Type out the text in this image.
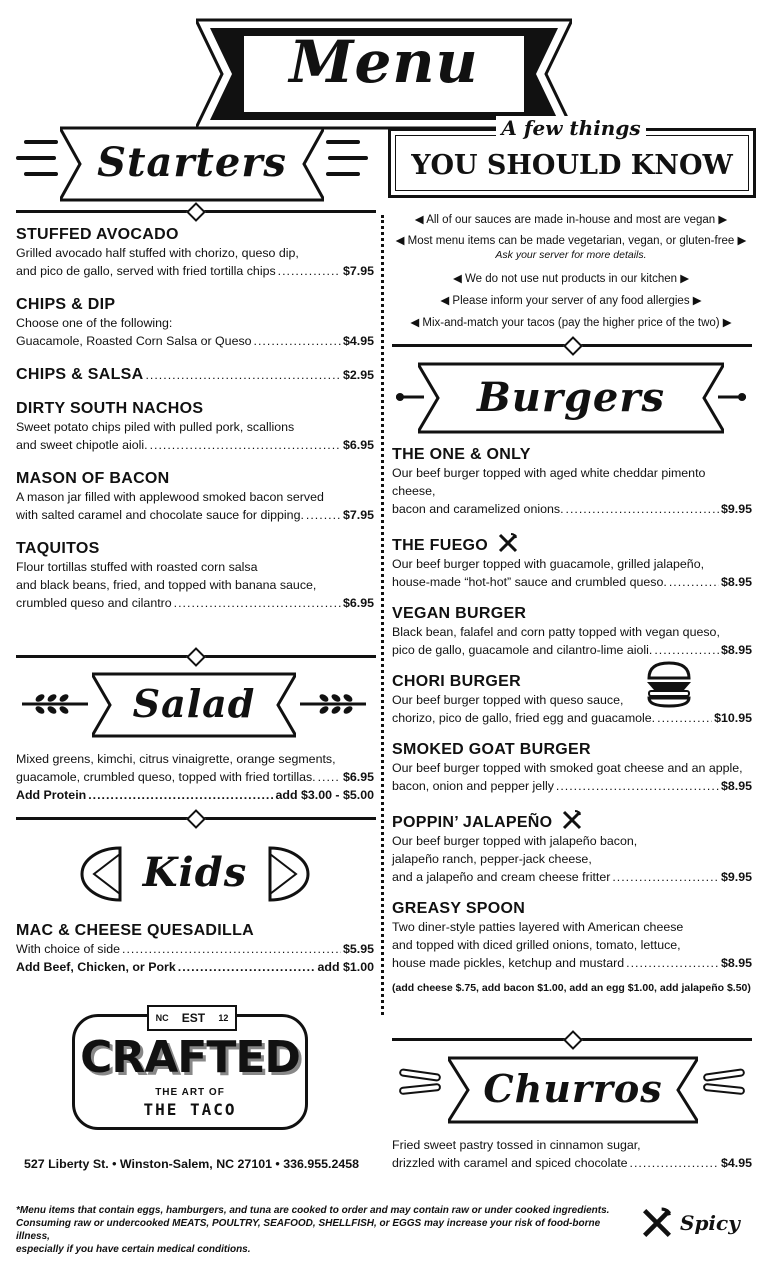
Menu
Starters
STUFFED AVOCADO
Grilled avocado half stuffed with chorizo, queso dip,
and pico de gallo, served with fried tortilla chips .....	$7.95
CHIPS & DIP
Choose one of the following:
Guacamole, Roasted Corn Salsa or Queso .....	$4.95
CHIPS & SALSA .....	$2.95
DIRTY SOUTH NACHOS
Sweet potato chips piled with pulled pork, scallions
and sweet chipotle aioli. .....	$6.95
MASON OF BACON
A mason jar filled with applewood smoked bacon served
with salted caramel and chocolate sauce for dipping. .....	$7.95
TAQUITOS
Flour tortillas stuffed with roasted corn salsa
and black beans, fried, and topped with banana sauce,
crumbled queso and cilantro .....	$6.95
Salad
Mixed greens, kimchi, citrus vinaigrette, orange segments,
guacamole, crumbled queso, topped with fried tortillas. ..... $6.95
Add Protein .....	add $3.00 - $5.00
Kids
MAC & CHEESE QUESADILLA
With choice of side .....	$5.95
Add Beef, Chicken, or Pork .....	add $1.00
NC EST 12
CRAFTED
THE ART OF
THE TACO
527 Liberty St. • Winston-Salem, NC 27101 • 336.955.2458
A few things
YOU SHOULD KNOW
◀ All of our sauces are made in-house and most are vegan ▶
◀ Most menu items can be made vegetarian, vegan, or gluten-free ▶
Ask your server for more details.
◀ We do not use nut products in our kitchen ▶
◀ Please inform your server of any food allergies ▶
◀ Mix-and-match your tacos (pay the higher price of the two) ▶
Burgers
THE ONE & ONLY
Our beef burger topped with aged white cheddar pimento cheese,
bacon and caramelized onions. .....	$9.95
THE FUEGO
Our beef burger topped with guacamole, grilled jalapeño,
house-made “hot-hot” sauce and crumbled queso. .....	$8.95
VEGAN BURGER
Black bean, falafel and corn patty topped with vegan queso,
pico de gallo, guacamole and cilantro-lime aioli. .....	$8.95
CHORI BURGER
Our beef burger topped with queso sauce,
chorizo, pico de gallo, fried egg and guacamole. .....	$10.95
SMOKED GOAT BURGER
Our beef burger topped with smoked goat cheese and an apple,
bacon, onion and pepper jelly .....	$8.95
POPPIN’ JALAPEÑO
Our beef burger topped with jalapeño bacon,
jalapeño ranch, pepper-jack cheese,
and a jalapeño and cream cheese fritter .....	$9.95
GREASY SPOON
Two diner-style patties layered with American cheese
and topped with diced grilled onions, tomato, lettuce,
house made pickles, ketchup and mustard .....	$8.95
(add cheese $.75, add bacon $1.00, add an egg $1.00, add jalapeño $.50)
Churros
Fried sweet pastry tossed in cinnamon sugar,
drizzled with caramel and spiced chocolate .....	$4.95
*Menu items that contain eggs, hamburgers, and tuna are cooked to order and may contain raw or under cooked ingredients.
Consuming raw or undercooked MEATS, POULTRY, SEAFOOD, SHELLFISH, or EGGS may increase your risk of food-borne illness,
especially if you have certain medical conditions.
Spicy
